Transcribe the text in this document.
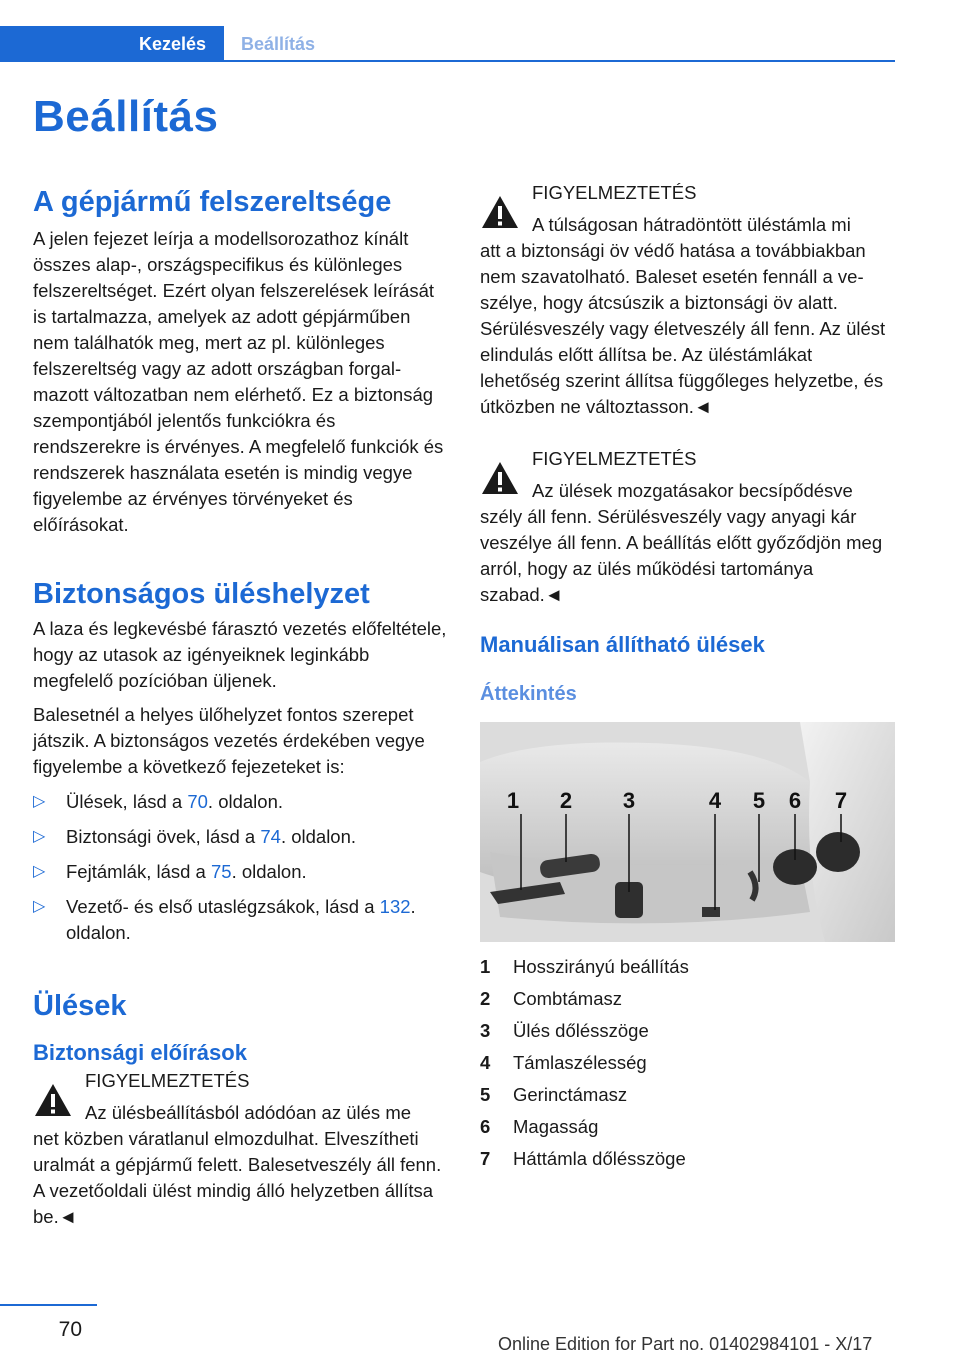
Kezelés	Beállítás
Beállítás
A gépjármű felszereltsége

A jelen fejezet leírja a modellsorozathoz kínált összes alap-, országspecifikus és különleges felszereltséget. Ezért olyan felszerelések leírását is tartalmazza, amelyek az adott gépjárműben nem találhatók meg, mert az pl. különleges felszereltség vagy az adott országban forgalmazott változatban nem elérhető. Ez a biztonság szempontjából jelentős funkciókra és rendszerekre is érvényes. A megfelelő funkciók és rendszerek használata esetén is mindig vegye figyelembe az érvényes törvényeket és előírásokat.

Biztonságos üléshelyzet

A laza és legkevésbé fárasztó vezetés előfeltétele, hogy az utasok az igényeiknek leginkább megfelelő pozícióban üljenek.

Balesetnél a helyes ülőhelyzet fontos szerepet játszik. A biztonságos vezetés érdekében vegye figyelembe a következő fejezeteket is:

▷ Ülések, lásd a 70. oldalon.
▷ Biztonsági övek, lásd a 74. oldalon.
▷ Fejtámlák, lásd a 75. oldalon.
▷ Vezető- és első utaslégzsákok, lásd a 132. oldalon.
Ülések
Biztonsági előírások
FIGYELMEZTETÉS
Az ülésbeállításból adódóan az ülés me
net közben váratlanul elmozdulhat. Elveszítheti uralmát a gépjármű felett. Balesetveszély áll fenn. A vezetőoldali ülést mindig álló helyzetben állítsa be.◄
FIGYELMEZTETÉS
A túlságosan hátradöntött üléstámla mi
att a biztonsági öv védő hatása a továbbiakban nem szavatolható. Baleset esetén fennáll a veszélye, hogy átcsúszik a biztonsági öv alatt. Sérülésveszély vagy életveszély áll fenn. Az ülést elindulás előtt állítsa be. Az üléstámlákat lehetőség szerint állítsa függőleges helyzetbe, és útközben ne változtasson.◄
FIGYELMEZTETÉS
Az ülések mozgatásakor becsípődésve
szély áll fenn. Sérülésveszély vagy anyagi kár veszélye áll fenn. A beállítás előtt győződjön meg arról, hogy az ülés működési tartománya szabad.◄
Manuálisan állítható ülések
Áttekintés
1 2 3	4 5 6 7
1	Hosszirányú beállítás
2	Combtámasz
3	Ülés dőlésszöge
4	Támlaszélesség
5	Gerinctámasz
6	Magasság
7	Háttámla dőlésszöge
70
Online Edition for Part no. 01402984101 - X/17
